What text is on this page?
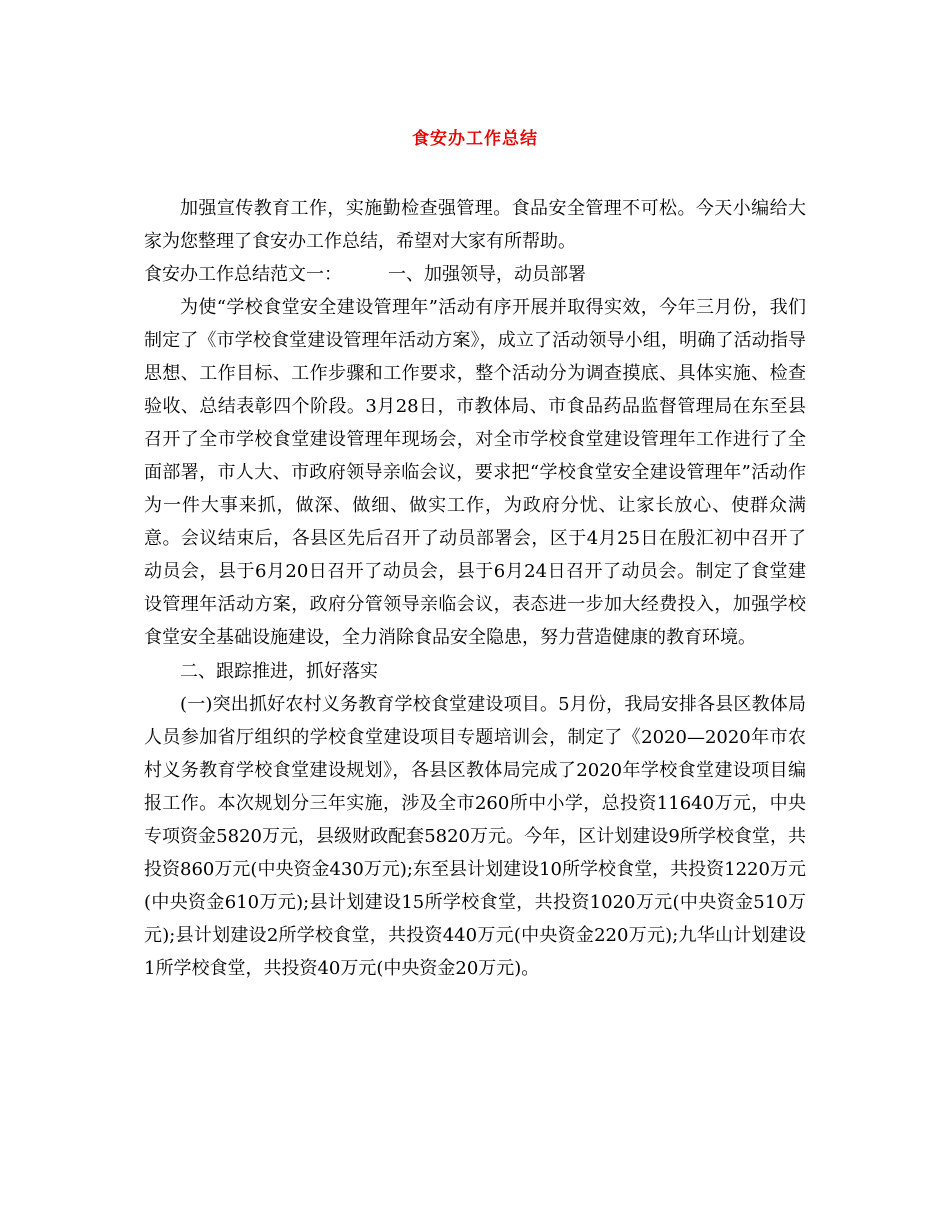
食安办工作总结

加强宣传教育工作，实施勤检查强管理。食品安全管理不可松。今天小编给大家为您整理了食安办工作总结，希望对大家有所帮助。

食安办工作总结范文一：	一、加强领导，动员部署

为使“学校食堂安全建设管理年”活动有序开展并取得实效，今年三月份，我们制定了《市学校食堂建设管理年活动方案》，成立了活动领导小组，明确了活动指导思想、工作目标、工作步骤和工作要求，整个活动分为调查摸底、具体实施、检查验收、总结表彰四个阶段。3月28日，市教体局、市食品药品监督管理局在东至县召开了全市学校食堂建设管理年现场会，对全市学校食堂建设管理年工作进行了全面部署，市人大、市政府领导亲临会议，要求把“学校食堂安全建设管理年”活动作为一件大事来抓，做深、做细、做实工作，为政府分忧、让家长放心、使群众满意。会议结束后，各县区先后召开了动员部署会，区于4月25日在殷汇初中召开了动员会，县于6月20日召开了动员会，县于6月24日召开了动员会。制定了食堂建设管理年活动方案，政府分管领导亲临会议，表态进一步加大经费投入，加强学校食堂安全基础设施建设，全力消除食品安全隐患，努力营造健康的教育环境。

二、跟踪推进，抓好落实

(一)突出抓好农村义务教育学校食堂建设项目。5月份，我局安排各县区教体局人员参加省厅组织的学校食堂建设项目专题培训会，制定了《2020—2020年市农村义务教育学校食堂建设规划》，各县区教体局完成了2020年学校食堂建设项目编报工作。本次规划分三年实施，涉及全市260所中小学，总投资11640万元，中央专项资金5820万元，县级财政配套5820万元。今年，区计划建设9所学校食堂，共投资860万元(中央资金430万元);东至县计划建设10所学校食堂，共投资1220万元(中央资金610万元);县计划建设15所学校食堂，共投资1020万元(中央资金510万元);县计划建设2所学校食堂，共投资440万元(中央资金220万元);九华山计划建设1所学校食堂，共投资40万元(中央资金20万元)。
